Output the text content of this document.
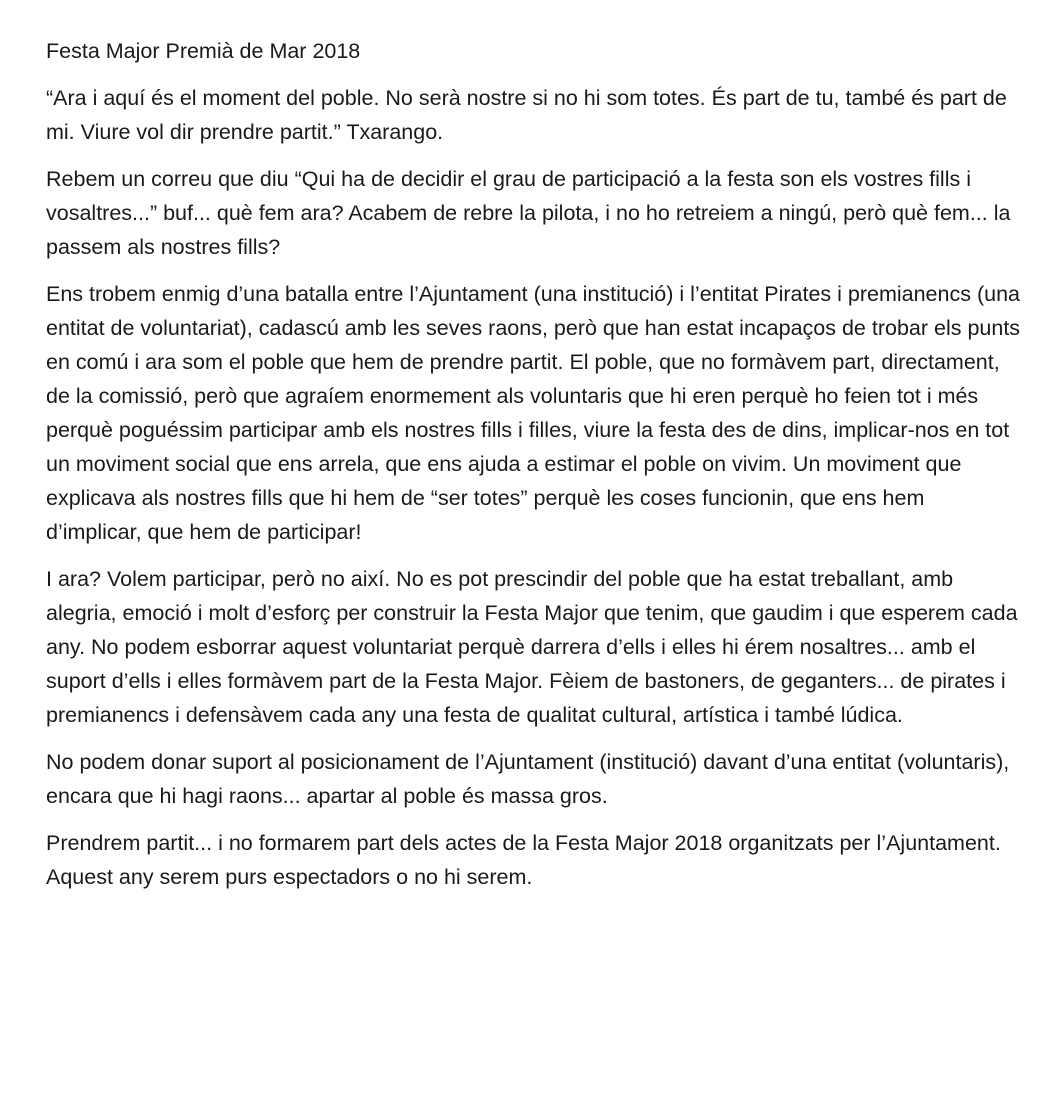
Festa Major Premià de Mar 2018

“Ara i aquí és el moment del poble. No serà nostre si no hi som totes. És part de tu, també és part de mi. Viure vol dir prendre partit.” Txarango.

Rebem un correu que diu “Qui ha de decidir el grau de participació a la festa son els vostres fills i vosaltres...” buf... què fem ara? Acabem de rebre la pilota, i no ho retreiem a ningú, però què fem... la passem als nostres fills?

Ens trobem enmig d’una batalla entre l’Ajuntament (una institució) i l’entitat Pirates i premianencs (una entitat de voluntariat), cadascú amb les seves raons, però que han estat incapaços de trobar els punts en comú i ara som el poble que hem de prendre partit. El poble, que no formàvem part, directament, de la comissió, però que agraíem enormement als voluntaris que hi eren perquè ho feien tot i més perquè poguéssim participar amb els nostres fills i filles, viure la festa des de dins, implicar-nos en tot un moviment social que ens arrela, que ens ajuda a estimar el poble on vivim. Un moviment que explicava als nostres fills que hi hem de “ser totes” perquè les coses funcionin, que ens hem d’implicar, que hem de participar!

I ara? Volem participar, però no així. No es pot prescindir del poble que ha estat treballant, amb alegria, emoció i molt d’esforç per construir la Festa Major que tenim, que gaudim i que esperem cada any. No podem esborrar aquest voluntariat perquè darrera d’ells i elles hi érem nosaltres... amb el suport d’ells i elles formàvem part de la Festa Major. Fèiem de bastoners, de geganters... de pirates i premianencs i defensàvem cada any una festa de qualitat cultural, artística i també lúdica.

No podem donar suport al posicionament de l’Ajuntament (institució) davant d’una entitat (voluntaris), encara que hi hagi raons... apartar al poble és massa gros.

Prendrem partit... i no formarem part dels actes de la Festa Major 2018 organitzats per l’Ajuntament. Aquest any serem purs espectadors o no hi serem.
